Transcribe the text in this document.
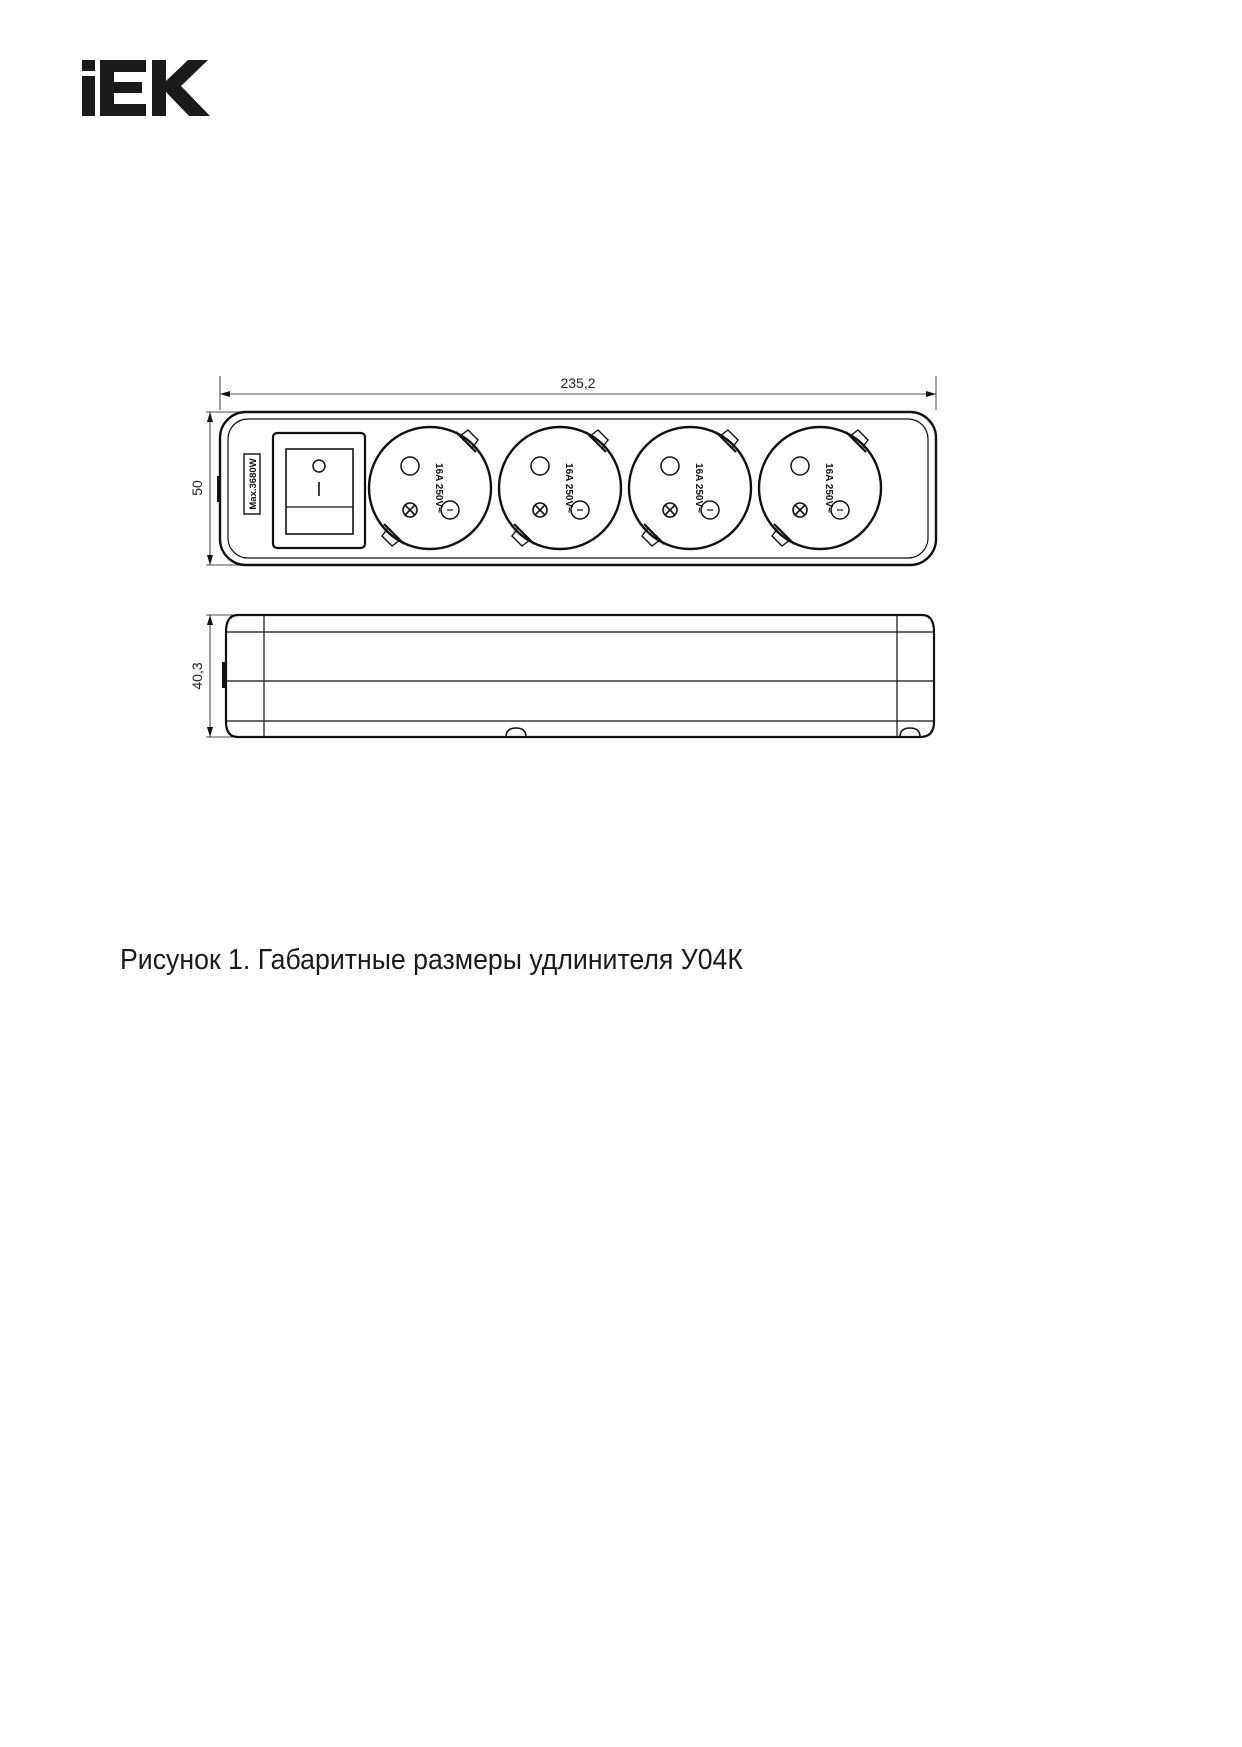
235,2
50	Max.3680W	16A 250V~	16A 250V~	16A 250V~	16A 250V~
40,3
Рисунок 1. Габаритные размеры удлинителя У04К
